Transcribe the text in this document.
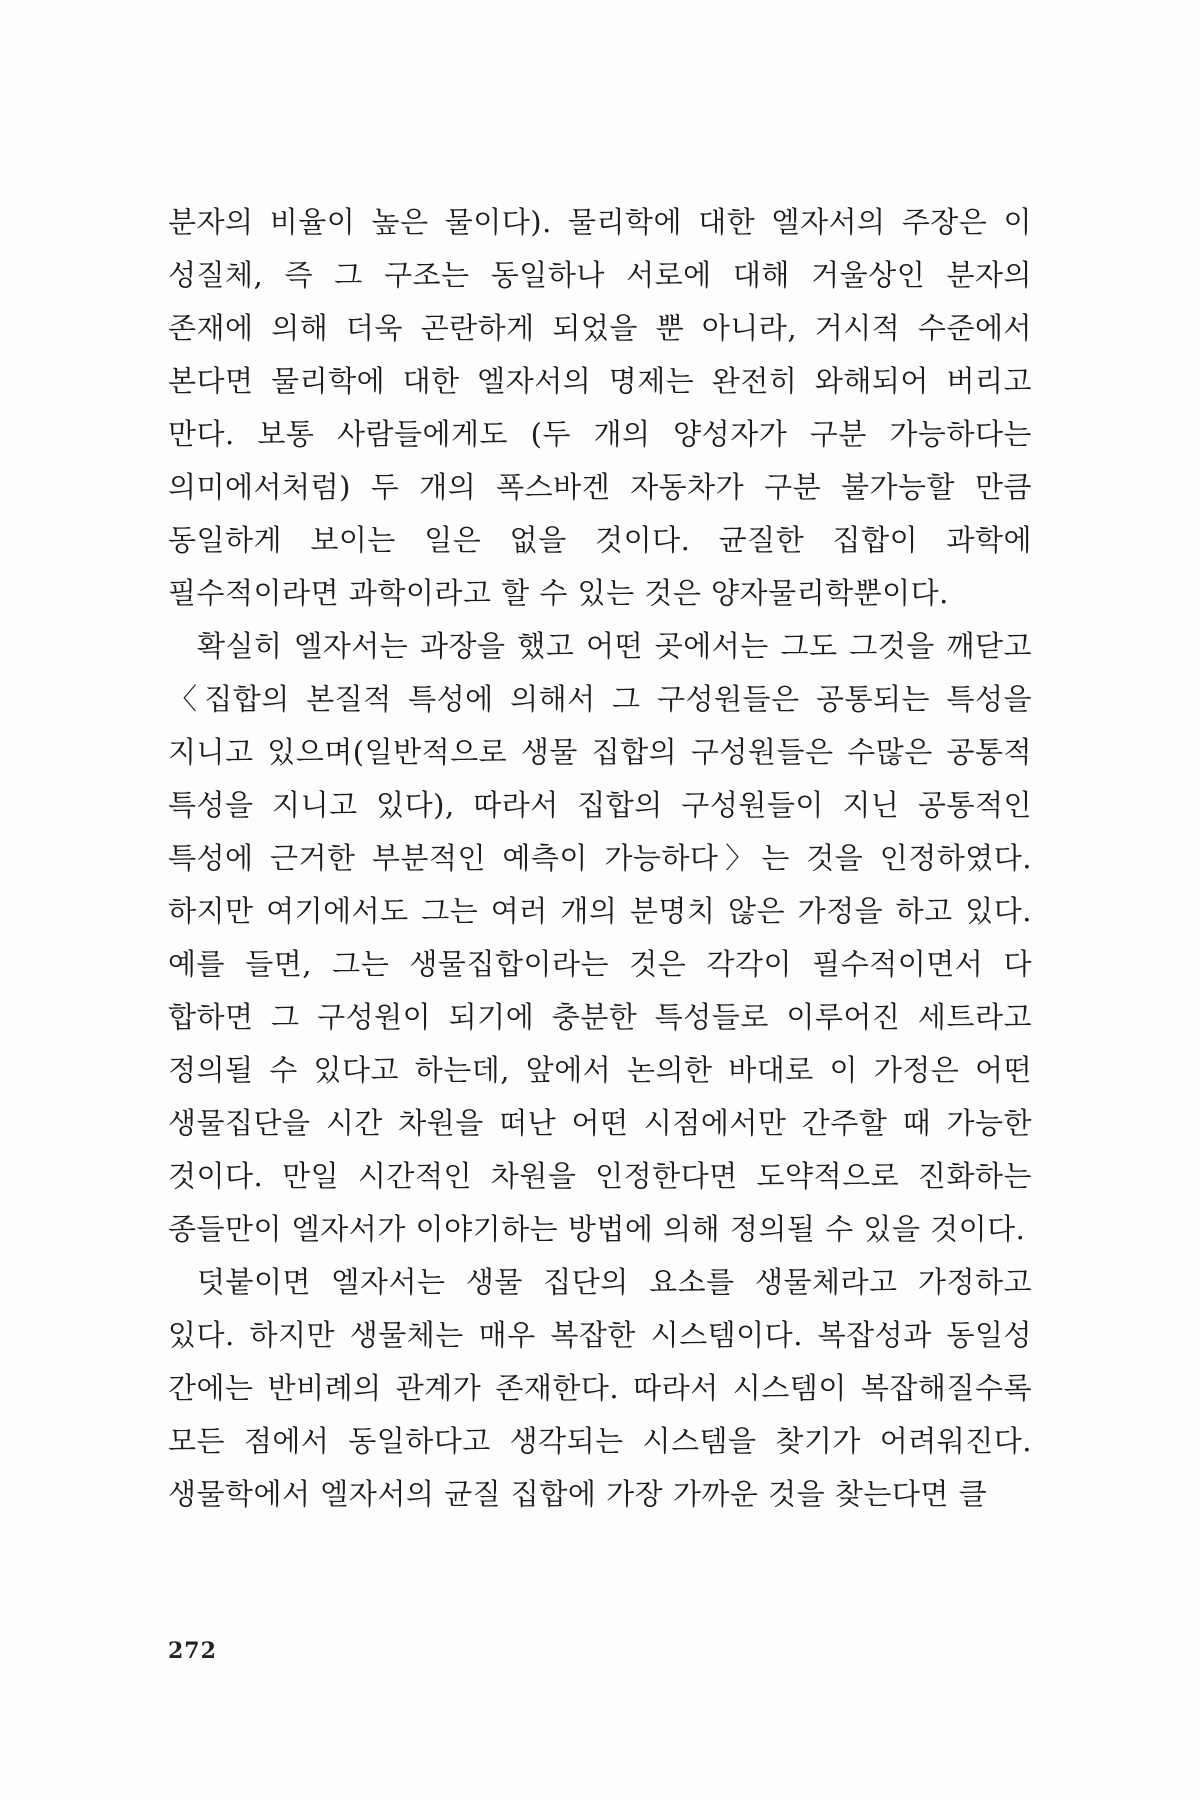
분자의 비율이 높은 물이다). 물리학에 대한 엘자서의 주장은 이 성질체, 즉 그 구조는 동일하나 서로에 대해 거울상인 분자의 존재에 의해 더욱 곤란하게 되었을 뿐 아니라, 거시적 수준에서 본다면 물리학에 대한 엘자서의 명제는 완전히 와해되어 버리고 만다. 보통 사람들에게도 (두 개의 양성자가 구분 가능하다는 의미에서처럼) 두 개의 폭스바겐 자동차가 구분 불가능할 만큼 동일하게 보이는 일은 없을 것이다. 균질한 집합이 과학에 필수적이라면 과학이라고 할 수 있는 것은 양자물리학뿐이다.

확실히 엘자서는 과장을 했고 어떤 곳에서는 그도 그것을 깨닫고 〈집합의 본질적 특성에 의해서 그 구성원들은 공통되는 특성을 지니고 있으며(일반적으로 생물 집합의 구성원들은 수많은 공통적 특성을 지니고 있다), 따라서 집합의 구성원들이 지닌 공통적인 특성에 근거한 부분적인 예측이 가능하다〉는 것을 인정하였다. 하지만 여기에서도 그는 여러 개의 분명치 않은 가정을 하고 있다. 예를 들면, 그는 생물집합이라는 것은 각각이 필수적이면서 다 합하면 그 구성원이 되기에 충분한 특성들로 이루어진 세트라고 정의될 수 있다고 하는데, 앞에서 논의한 바대로 이 가정은 어떤 생물집단을 시간 차원을 떠난 어떤 시점에서만 간주할 때 가능한 것이다. 만일 시간적인 차원을 인정한다면 도약적으로 진화하는 종들만이 엘자서가 이야기하는 방법에 의해 정의될 수 있을 것이다.

덧붙이면 엘자서는 생물 집단의 요소를 생물체라고 가정하고 있다. 하지만 생물체는 매우 복잡한 시스템이다. 복잡성과 동일성 간에는 반비례의 관계가 존재한다. 따라서 시스템이 복잡해질수록 모든 점에서 동일하다고 생각되는 시스템을 찾기가 어려워진다. 생물학에서 엘자서의 균질 집합에 가장 가까운 것을 찾는다면 클

272
